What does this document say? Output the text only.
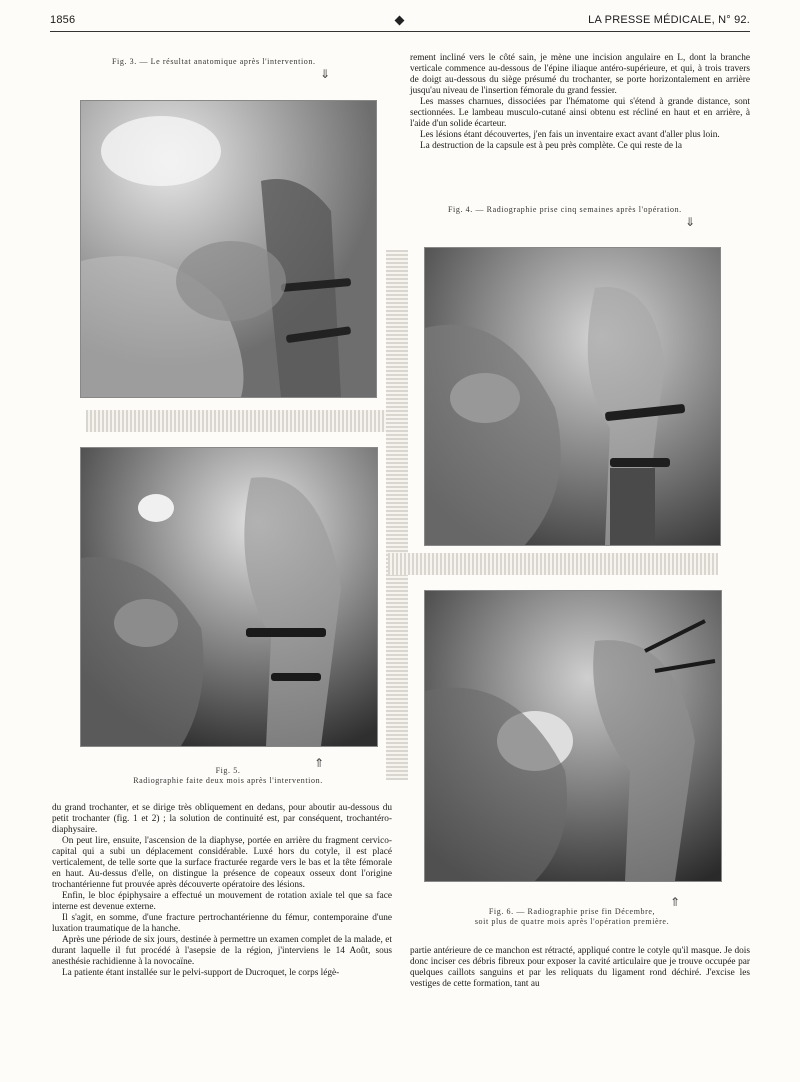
1856	LA PRESSE MÉDICALE, N° 92.
Fig. 3. — Le résultat anatomique après l'intervention.
⇓

rement incliné vers le côté sain, je mène une incision angulaire en L, dont la branche verticale commence au-dessous de l'épine iliaque antéro-supérieure, et qui, à trois travers de doigt au-dessous du siège présumé du trochanter, se porte horizontalement en arrière jusqu'au niveau de l'insertion fémorale du grand fessier.

Les masses charnues, dissociées par l'hématome qui s'étend à grande distance, sont sectionnées. Le lambeau musculo-cutané ainsi obtenu est récliné en haut et en arrière, à l'aide d'un solide écarteur.

Les lésions étant découvertes, j'en fais un inventaire exact avant d'aller plus loin.

La destruction de la capsule est à peu près complète. Ce qui reste de la

Fig. 4. — Radiographie prise cinq semaines après l'opération.
⇓
Fig. 5.
Radiographie faite deux mois après l'intervention.
⇑
Fig. 6. — Radiographie prise fin Décembre,
soit plus de quatre mois après l'opération première.
⇑

du grand trochanter, et se dirige très obliquement en dedans, pour aboutir au-dessous du petit trochanter (fig. 1 et 2) ; la solution de continuité est, par conséquent, trochantéro-diaphysaire.

On peut lire, ensuite, l'ascension de la diaphyse, portée en arrière du fragment cervico-capital qui a subi un déplacement considérable. Luxé hors du cotyle, il est placé verticalement, de telle sorte que la surface fracturée regarde vers le bas et la tête fémorale en haut. Au-dessus d'elle, on distingue la présence de copeaux osseux dont l'origine trochantérienne fut prouvée après découverte opératoire des lésions.

Enfin, le bloc épiphysaire a effectué un mouvement de rotation axiale tel que sa face interne est devenue externe.

Il s'agit, en somme, d'une fracture pertrochantérienne du fémur, contemporaine d'une luxation traumatique de la hanche.

Après une période de six jours, destinée à permettre un examen complet de la malade, et durant laquelle il fut procédé à l'asepsie de la région, j'interviens le 14 Août, sous anesthésie rachidienne à la novocaïne.

La patiente étant installée sur le pelvi-support de Ducroquet, le corps légè-

partie antérieure de ce manchon est rétracté, appliqué contre le cotyle qu'il masque. Je dois donc inciser ces débris fibreux pour exposer la cavité articulaire que je trouve occupée par quelques caillots sanguins et par les reliquats du ligament rond déchiré. J'excise les vestiges de cette formation, tant au
